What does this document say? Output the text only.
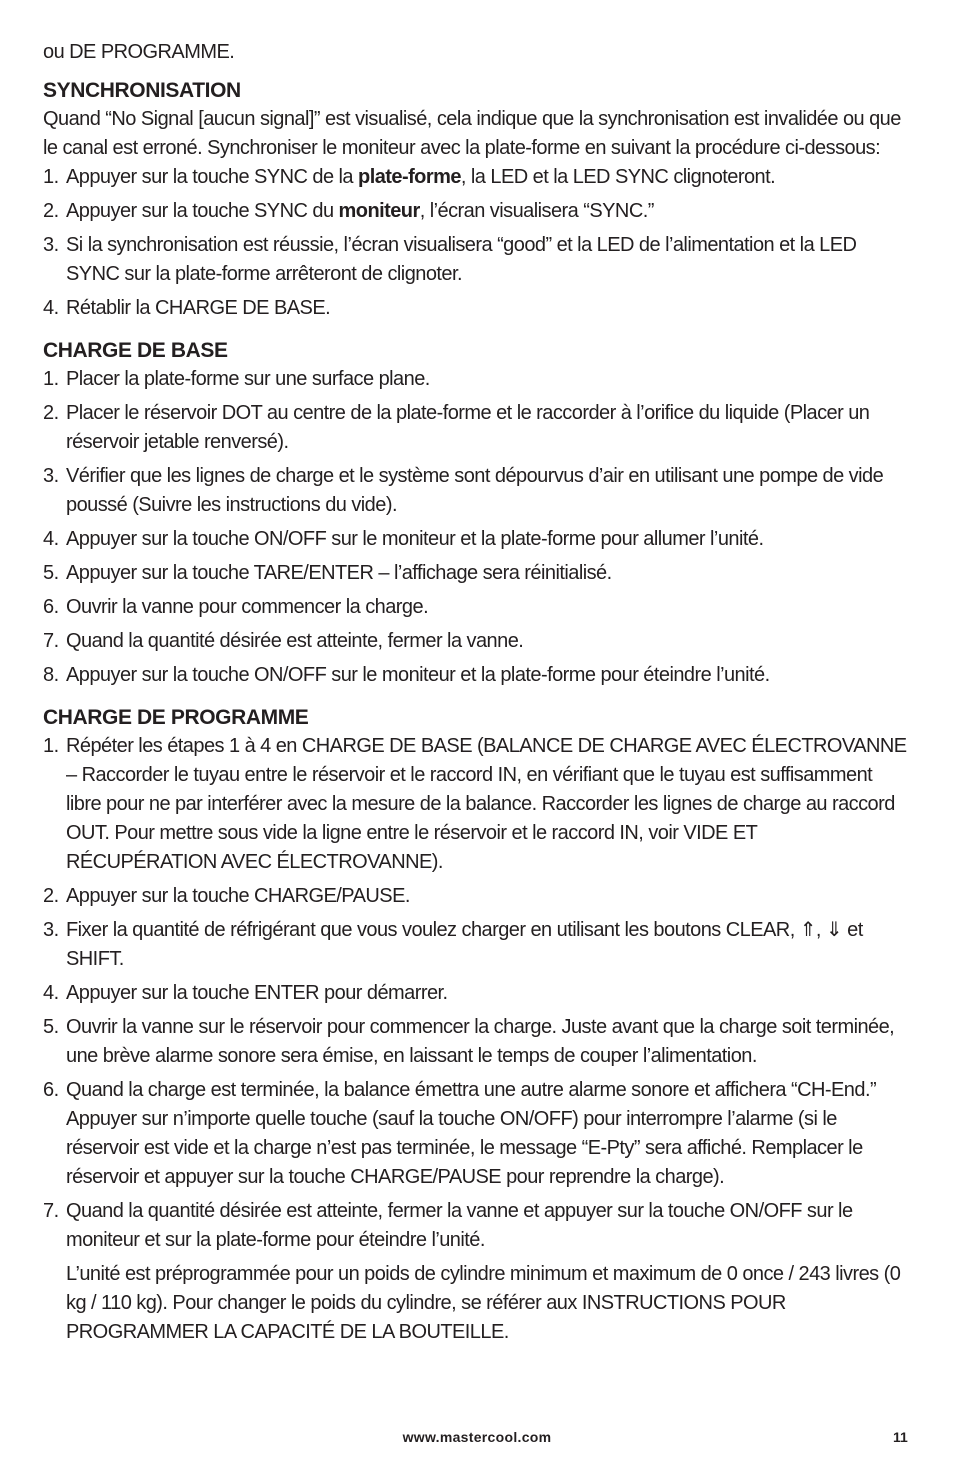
ou DE PROGRAMME.

SYNCHRONISATION

Quand “No Signal [aucun signal]” est visualisé, cela indique que la synchronisation est invalidée ou que le canal est erroné. Synchroniser le moniteur avec la plate-forme en suivant la procédure ci-dessous:

1. Appuyer sur la touche SYNC de la plate-forme, la LED et la LED SYNC clignoteront.
2. Appuyer sur la touche SYNC du moniteur, l’écran visualisera “SYNC.”
3. Si la synchronisation est réussie, l’écran visualisera “good” et la LED de l’alimentation et la LED SYNC sur la plate-forme arrêteront de clignoter.
4. Rétablir la CHARGE DE BASE.
CHARGE DE BASE
1. Placer la plate-forme sur une surface plane.
2. Placer le réservoir DOT au centre de la plate-forme et le raccorder à l’orifice du liquide (Placer un réservoir jetable renversé).
3. Vérifier que les lignes de charge et le système sont dépourvus d’air en utilisant une pompe de vide poussé (Suivre les instructions du vide).
4. Appuyer sur la touche ON/OFF sur le moniteur et la plate-forme pour allumer l’unité.
5. Appuyer sur la touche TARE/ENTER – l’affichage sera réinitialisé.
6. Ouvrir la vanne pour commencer la charge.
7. Quand la quantité désirée est atteinte, fermer la vanne.
8. Appuyer sur la touche ON/OFF sur le moniteur et la plate-forme pour éteindre l’unité.
CHARGE DE PROGRAMME
1. Répéter les étapes 1 à 4 en CHARGE DE BASE (BALANCE DE CHARGE AVEC ÉLECTROVANNE – Raccorder le tuyau entre le réservoir et le raccord IN, en vérifiant que le tuyau est suffisamment libre pour ne par interférer avec la mesure de la balance. Raccorder les lignes de charge au raccord OUT. Pour mettre sous vide la ligne entre le réservoir et le raccord IN, voir VIDE ET RÉCUPÉRATION AVEC ÉLECTROVANNE).
2. Appuyer sur la touche CHARGE/PAUSE.
3. Fixer la quantité de réfrigérant que vous voulez charger en utilisant les boutons CLEAR, ⇑, ⇓ et SHIFT.
4. Appuyer sur la touche ENTER pour démarrer.
5. Ouvrir la vanne sur le réservoir pour commencer la charge. Juste avant que la charge soit terminée, une brève alarme sonore sera émise, en laissant le temps de couper l’alimentation.
6. Quand la charge est terminée, la balance émettra une autre alarme sonore et affichera “CH-End.” Appuyer sur n’importe quelle touche (sauf la touche ON/OFF) pour interrompre l’alarme (si le réservoir est vide et la charge n’est pas terminée, le message “E-Pty” sera affiché. Remplacer le réservoir et appuyer sur la touche CHARGE/PAUSE pour reprendre la charge).
7. Quand la quantité désirée est atteinte, fermer la vanne et appuyer sur la touche ON/OFF sur le moniteur et sur la plate-forme pour éteindre l’unité.

L’unité est préprogrammée pour un poids de cylindre minimum et maximum de 0 once / 243 livres (0 kg / 110 kg). Pour changer le poids du cylindre, se référer aux INSTRUCTIONS POUR PROGRAMMER LA CAPACITÉ DE LA BOUTEILLE.

www.mastercool.com	11
